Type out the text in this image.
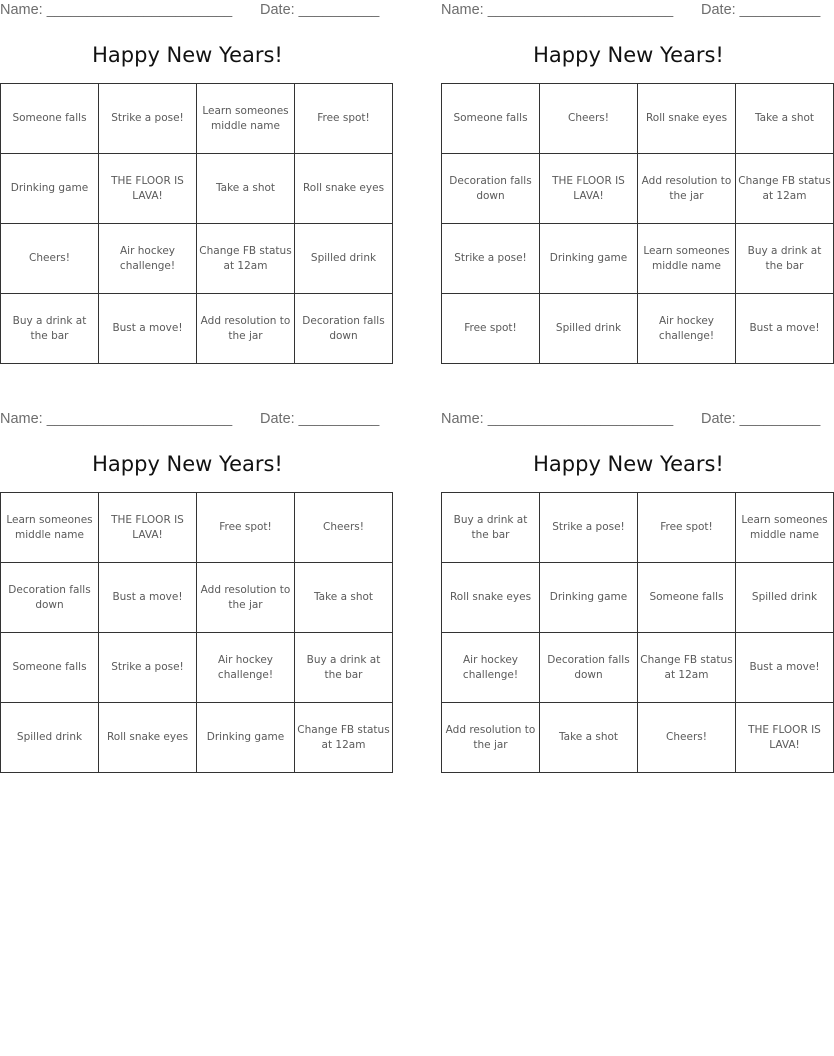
Name: _______________________ Date: __________
Happy New Years!
Someone falls	Strike a pose!	Learn someones middle name	Free spot!
Drinking game	THE FLOOR IS LAVA!	Take a shot	Roll snake eyes
Cheers!	Air hockey challenge!	Change FB status at 12am	Spilled drink
Buy a drink at the bar	Bust a move!	Add resolution to the jar	Decoration falls down
Name: _______________________ Date: __________
Happy New Years!
Someone falls	Cheers!	Roll snake eyes	Take a shot
Decoration falls down	THE FLOOR IS LAVA!	Add resolution to the jar	Change FB status at 12am
Strike a pose!	Drinking game	Learn someones middle name	Buy a drink at the bar
Free spot!	Spilled drink	Air hockey challenge!	Bust a move!
Name: _______________________ Date: __________
Happy New Years!
Learn someones middle name	THE FLOOR IS LAVA!	Free spot!	Cheers!
Decoration falls down	Bust a move!	Add resolution to the jar	Take a shot
Someone falls	Strike a pose!	Air hockey challenge!	Buy a drink at the bar
Spilled drink	Roll snake eyes	Drinking game	Change FB status at 12am
Name: _______________________ Date: __________
Happy New Years!
Buy a drink at the bar	Strike a pose!	Free spot!	Learn someones middle name
Roll snake eyes	Drinking game	Someone falls	Spilled drink
Air hockey challenge!	Decoration falls down	Change FB status at 12am	Bust a move!
Add resolution to the jar	Take a shot	Cheers!	THE FLOOR IS LAVA!
